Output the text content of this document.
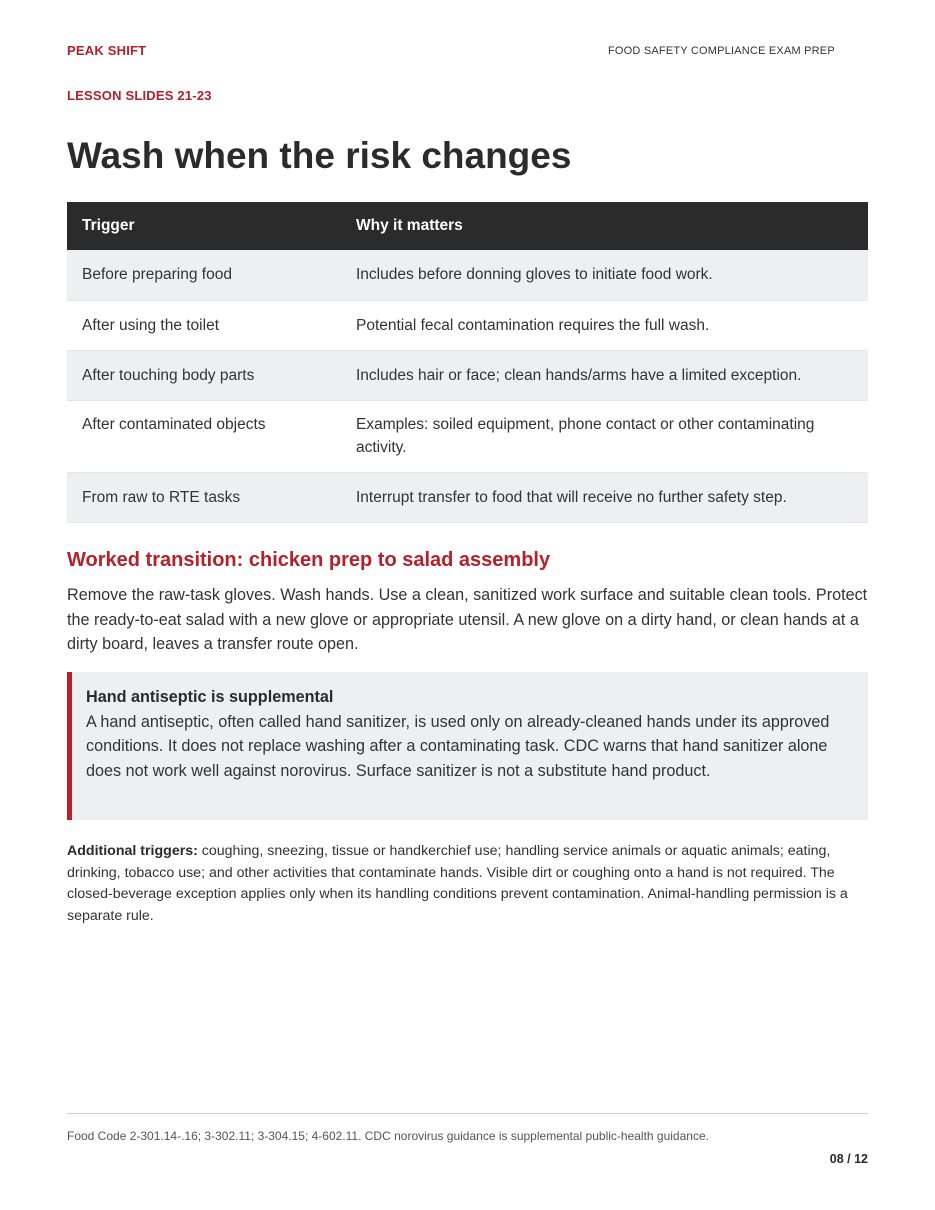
PEAK SHIFT	FOOD SAFETY COMPLIANCE EXAM PREP
LESSON SLIDES 21-23
Wash when the risk changes
Trigger	Why it matters
Before preparing food	Includes before donning gloves to initiate food work.
After using the toilet	Potential fecal contamination requires the full wash.
After touching body parts	Includes hair or face; clean hands/arms have a limited exception.
After contaminated objects	Examples: soiled equipment, phone contact or other contaminating activity.
From raw to RTE tasks	Interrupt transfer to food that will receive no further safety step.
Worked transition: chicken prep to salad assembly

Remove the raw-task gloves. Wash hands. Use a clean, sanitized work surface and suitable clean tools. Protect the ready-to-eat salad with a new glove or appropriate utensil. A new glove on a dirty hand, or clean hands at a dirty board, leaves a transfer route open.

Hand antiseptic is supplemental
A hand antiseptic, often called hand sanitizer, is used only on already-cleaned hands under its approved conditions. It does not replace washing after a contaminating task. CDC warns that hand sanitizer alone does not work well against norovirus. Surface sanitizer is not a substitute hand product.

Additional triggers: coughing, sneezing, tissue or handkerchief use; handling service animals or aquatic animals; eating, drinking, tobacco use; and other activities that contaminate hands. Visible dirt or coughing onto a hand is not required. The closed-beverage exception applies only when its handling conditions prevent contamination. Animal-handling permission is a separate rule.

Food Code 2-301.14-.16; 3-302.11; 3-304.15; 4-602.11. CDC norovirus guidance is supplemental public-health guidance.
08 / 12
